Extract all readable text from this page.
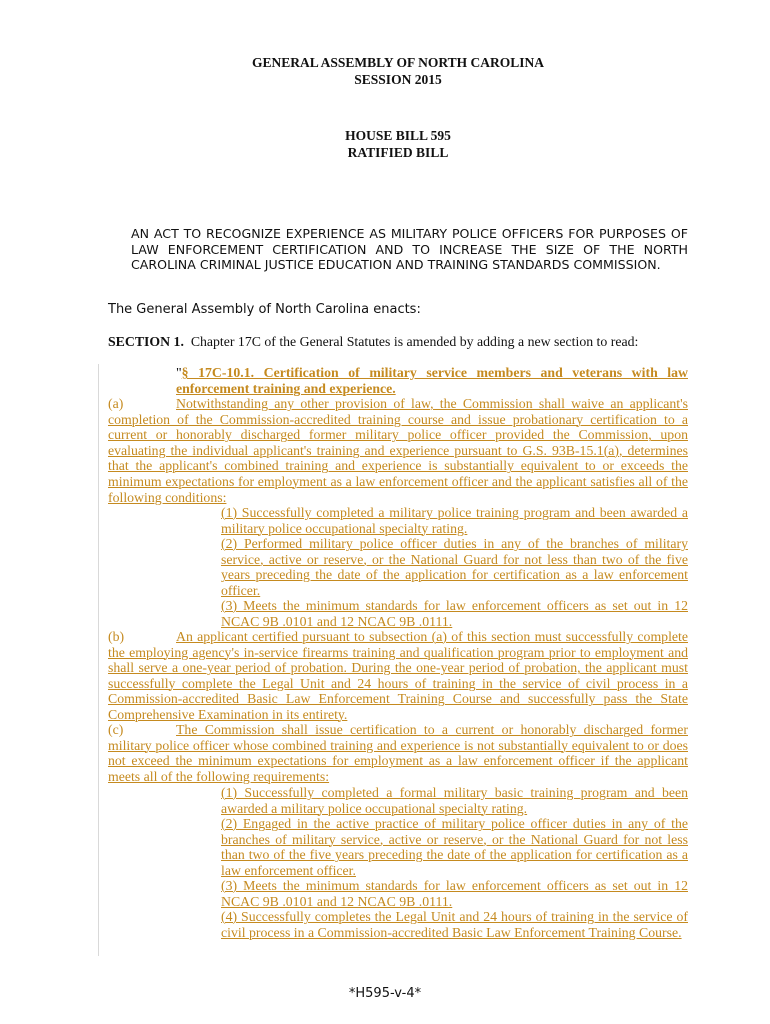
GENERAL ASSEMBLY OF NORTH CAROLINA
SESSION 2015
HOUSE BILL 595
RATIFIED BILL
AN ACT TO RECOGNIZE EXPERIENCE AS MILITARY POLICE OFFICERS FOR PURPOSES OF LAW ENFORCEMENT CERTIFICATION AND TO INCREASE THE SIZE OF THE NORTH CAROLINA CRIMINAL JUSTICE EDUCATION AND TRAINING STANDARDS COMMISSION.
The General Assembly of North Carolina enacts:
SECTION 1. Chapter 17C of the General Statutes is amended by adding a new section to read:
"§ 17C-10.1. Certification of military service members and veterans with law enforcement training and experience.
(a)	Notwithstanding any other provision of law, the Commission shall waive an applicant's completion of the Commission-accredited training course and issue probationary certification to a current or honorably discharged former military police officer provided the Commission, upon evaluating the individual applicant's training and experience pursuant to G.S. 93B-15.1(a), determines that the applicant's combined training and experience is substantially equivalent to or exceeds the minimum expectations for employment as a law enforcement officer and the applicant satisfies all of the following conditions:
(1) Successfully completed a military police training program and been awarded a military police occupational specialty rating.
(2) Performed military police officer duties in any of the branches of military service, active or reserve, or the National Guard for not less than two of the five years preceding the date of the application for certification as a law enforcement officer.
(3) Meets the minimum standards for law enforcement officers as set out in 12 NCAC 9B .0101 and 12 NCAC 9B .0111.
(b)	An applicant certified pursuant to subsection (a) of this section must successfully complete the employing agency's in-service firearms training and qualification program prior to employment and shall serve a one-year period of probation. During the one-year period of probation, the applicant must successfully complete the Legal Unit and 24 hours of training in the service of civil process in a Commission-accredited Basic Law Enforcement Training Course and successfully pass the State Comprehensive Examination in its entirety.
(c)	The Commission shall issue certification to a current or honorably discharged former military police officer whose combined training and experience is not substantially equivalent to or does not exceed the minimum expectations for employment as a law enforcement officer if the applicant meets all of the following requirements:
(1) Successfully completed a formal military basic training program and been awarded a military police occupational specialty rating.
(2) Engaged in the active practice of military police officer duties in any of the branches of military service, active or reserve, or the National Guard for not less than two of the five years preceding the date of the application for certification as a law enforcement officer.
(3) Meets the minimum standards for law enforcement officers as set out in 12 NCAC 9B .0101 and 12 NCAC 9B .0111.
(4) Successfully completes the Legal Unit and 24 hours of training in the service of civil process in a Commission-accredited Basic Law Enforcement Training Course.
*H595-v-4*
